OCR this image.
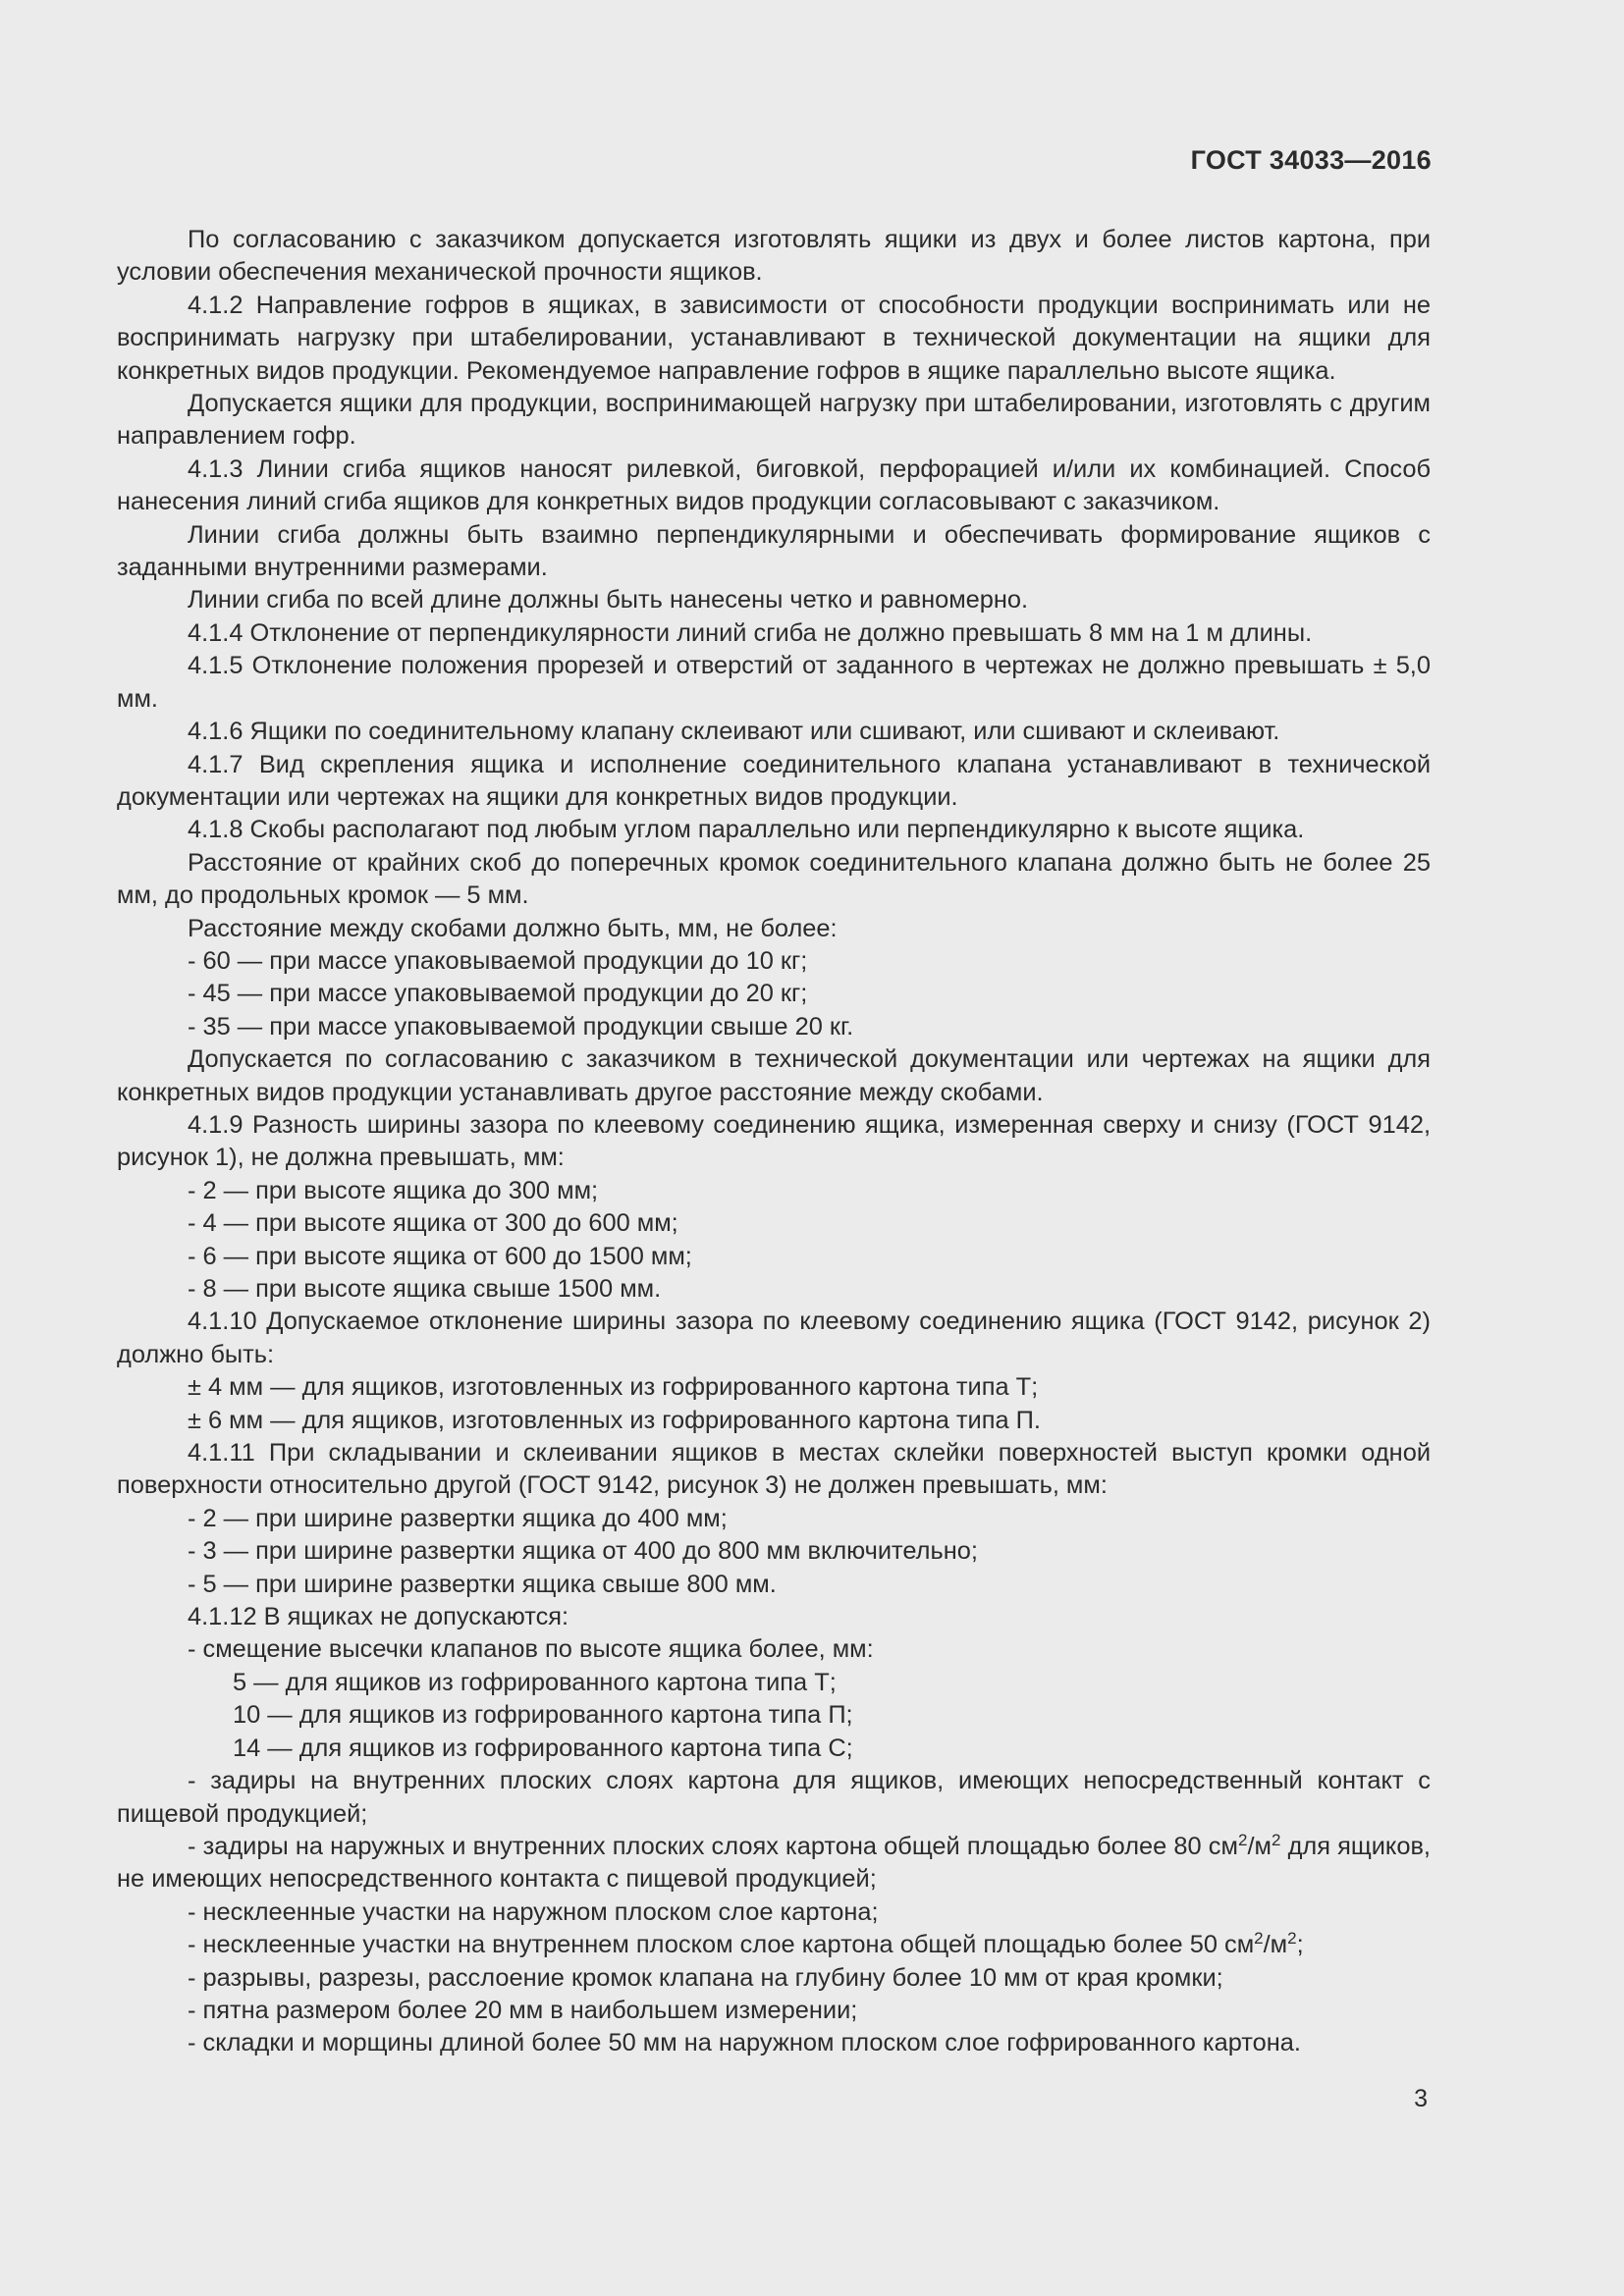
ГОСТ 34033—2016

По согласованию с заказчиком допускается изготовлять ящики из двух и более листов картона, при условии обеспечения механической прочности ящиков.

4.1.2 Направление гофров в ящиках, в зависимости от способности продукции воспринимать или не воспринимать нагрузку при штабелировании, устанавливают в технической документации на ящики для конкретных видов продукции. Рекомендуемое направление гофров в ящике параллельно высоте ящика.

Допускается ящики для продукции, воспринимающей нагрузку при штабелировании, изготовлять с другим направлением гофр.

4.1.3 Линии сгиба ящиков наносят рилевкой, биговкой, перфорацией и/или их комбинацией. Способ нанесения линий сгиба ящиков для конкретных видов продукции согласовывают с заказчиком.

Линии сгиба должны быть взаимно перпендикулярными и обеспечивать формирование ящиков с заданными внутренними размерами.

Линии сгиба по всей длине должны быть нанесены четко и равномерно.

4.1.4 Отклонение от перпендикулярности линий сгиба не должно превышать 8 мм на 1 м длины.

4.1.5 Отклонение положения прорезей и отверстий от заданного в чертежах не должно превышать ± 5,0 мм.

4.1.6 Ящики по соединительному клапану склеивают или сшивают, или сшивают и склеивают.

4.1.7 Вид скрепления ящика и исполнение соединительного клапана устанавливают в технической документации или чертежах на ящики для конкретных видов продукции.

4.1.8 Скобы располагают под любым углом параллельно или перпендикулярно к высоте ящика.

Расстояние от крайних скоб до поперечных кромок соединительного клапана должно быть не более 25 мм, до продольных кромок — 5 мм.

Расстояние между скобами должно быть, мм, не более:

- 60 — при массе упаковываемой продукции до 10 кг;

- 45 — при массе упаковываемой продукции до 20 кг;

- 35 — при массе упаковываемой продукции свыше 20 кг.

Допускается по согласованию с заказчиком в технической документации или чертежах на ящики для конкретных видов продукции устанавливать другое расстояние между скобами.

4.1.9 Разность ширины зазора по клеевому соединению ящика, измеренная сверху и снизу (ГОСТ 9142, рисунок 1), не должна превышать, мм:

- 2 — при высоте ящика до 300 мм;

- 4 — при высоте ящика от 300 до 600 мм;

- 6 — при высоте ящика от 600 до 1500 мм;

- 8 — при высоте ящика свыше 1500 мм.

4.1.10 Допускаемое отклонение ширины зазора по клеевому соединению ящика (ГОСТ 9142, рисунок 2) должно быть:

± 4 мм — для ящиков, изготовленных из гофрированного картона типа Т;

± 6 мм — для ящиков, изготовленных из гофрированного картона типа П.

4.1.11 При складывании и склеивании ящиков в местах склейки поверхностей выступ кромки одной поверхности относительно другой (ГОСТ 9142, рисунок 3) не должен превышать, мм:

- 2 — при ширине развертки ящика до 400 мм;

- 3 — при ширине развертки ящика от 400 до 800 мм включительно;

- 5 — при ширине развертки ящика свыше 800 мм.

4.1.12 В ящиках не допускаются:

- смещение высечки клапанов по высоте ящика более, мм:

5 — для ящиков из гофрированного картона типа Т;

10 — для ящиков из гофрированного картона типа П;

14 — для ящиков из гофрированного картона типа С;

- задиры на внутренних плоских слоях картона для ящиков, имеющих непосредственный контакт с пищевой продукцией;

- задиры на наружных и внутренних плоских слоях картона общей площадью более 80 $см^2/м^2$ для ящиков, не имеющих непосредственного контакта с пищевой продукцией;

- несклеенные участки на наружном плоском слое картона;

- несклеенные участки на внутреннем плоском слое картона общей площадью более 50 $см^2/м^2$;

- разрывы, разрезы, расслоение кромок клапана на глубину более 10 мм от края кромки;

- пятна размером более 20 мм в наибольшем измерении;

- складки и морщины длиной более 50 мм на наружном плоском слое гофрированного картона.

3
